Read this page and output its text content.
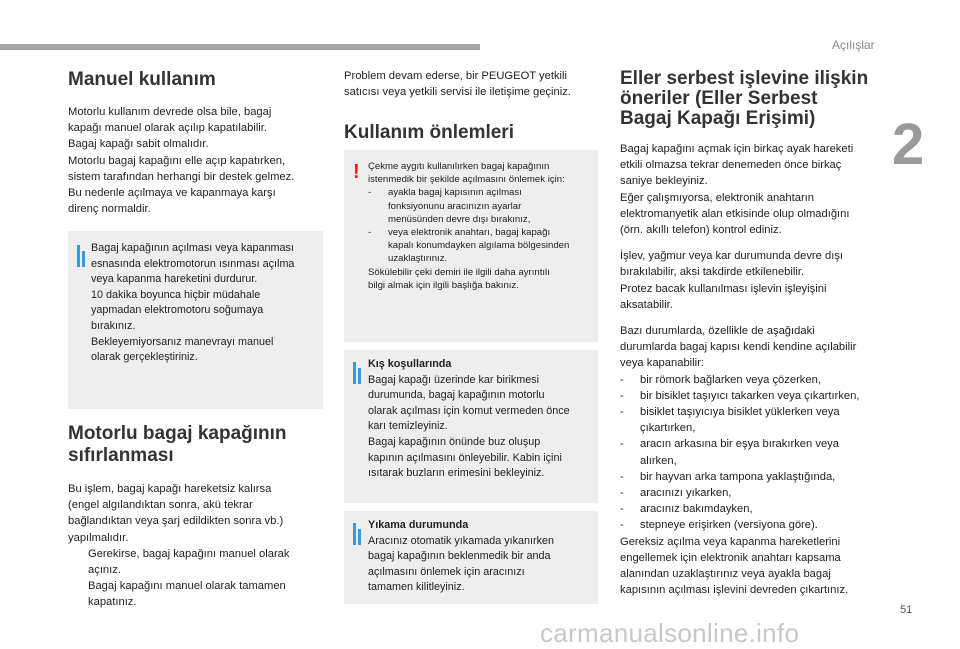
Açılışlar
2
51
carmanualsonline.info
Manuel kullanım

Motorlu kullanım devrede olsa bile, bagaj

kapağı manuel olarak açılıp kapatılabilir.

Bagaj kapağı sabit olmalıdır.

Motorlu bagaj kapağını elle açıp kapatırken,

sistem tarafından herhangi bir destek gelmez.

Bu nedenle açılmaya ve kapanmaya karşı

direnç normaldir.

Bagaj kapağının açılması veya kapanması

esnasında elektromotorun ısınması açılma

veya kapanma hareketini durdurur.

10 dakika boyunca hiçbir müdahale

yapmadan elektromotoru soğumaya

bırakınız.

Bekleyemiyorsanız manevrayı manuel

olarak gerçekleştiriniz.

Motorlu bagaj kapağının
sıfırlanması

Bu işlem, bagaj kapağı hareketsiz kalırsa

(engel algılandıktan sonra, akü tekrar

bağlandıktan veya şarj edildikten sonra vb.)

yapılmalıdır.

Gerekirse, bagaj kapağını manuel olarak

açınız.

Bagaj kapağını manuel olarak tamamen

kapatınız.

Problem devam ederse, bir PEUGEOT yetkili

satıcısı veya yetkili servisi ile iletişime geçiniz.

Kullanım önlemleri
! Çekme aygıtı kullanılırken bagaj kapağının

istenmedik bir şekilde açılmasını önlemek için:

-	ayakla bagaj kapısının açılması

fonksiyonunu aracınızın ayarlar

menüsünden devre dışı bırakınız,

-	veya elektronik anahtarı, bagaj kapağı

kapalı konumdayken algılama bölgesinden

uzaklaştırınız.

Sökülebilir çeki demiri ile ilgili daha ayrıntılı

bilgi almak için ilgili başlığa bakınız.

Kış koşullarında

Bagaj kapağı üzerinde kar birikmesi

durumunda, bagaj kapağının motorlu

olarak açılması için komut vermeden önce

karı temizleyiniz.

Bagaj kapağının önünde buz oluşup

kapının açılmasını önleyebilir. Kabin içini

ısıtarak buzların erimesini bekleyiniz.

Yıkama durumunda

Aracınız otomatik yıkamada yıkanırken

bagaj kapağının beklenmedik bir anda

açılmasını önlemek için aracınızı

tamamen kilitleyiniz.

Eller serbest işlevine ilişkin
öneriler (Eller Serbest
Bagaj Kapağı Erişimi)

Bagaj kapağını açmak için birkaç ayak hareketi

etkili olmazsa tekrar denemeden önce birkaç

saniye bekleyiniz.

Eğer çalışmıyorsa, elektronik anahtarın

elektromanyetik alan etkisinde olup olmadığını

(örn. akıllı telefon) kontrol ediniz.

İşlev, yağmur veya kar durumunda devre dışı

bırakılabilir, aksi takdirde etkilenebilir.

Protez bacak kullanılması işlevin işleyişini

aksatabilir.

Bazı durumlarda, özellikle de aşağıdaki

durumlarda bagaj kapısı kendi kendine açılabilir

veya kapanabilir:

-	bir römork bağlarken veya çözerken,

-	bir bisiklet taşıyıcı takarken veya çıkartırken,

-	bisiklet taşıyıcıya bisiklet yüklerken veya

çıkartırken,

-	aracın arkasına bir eşya bırakırken veya

alırken,

-	bir hayvan arka tampona yaklaştığında,

-	aracınızı yıkarken,

-	aracınız bakımdayken,

-	stepneye erişirken (versiyona göre).

Gereksiz açılma veya kapanma hareketlerini

engellemek için elektronik anahtarı kapsama

alanından uzaklaştırınız veya ayakla bagaj

kapısının açılması işlevini devreden çıkartınız.
